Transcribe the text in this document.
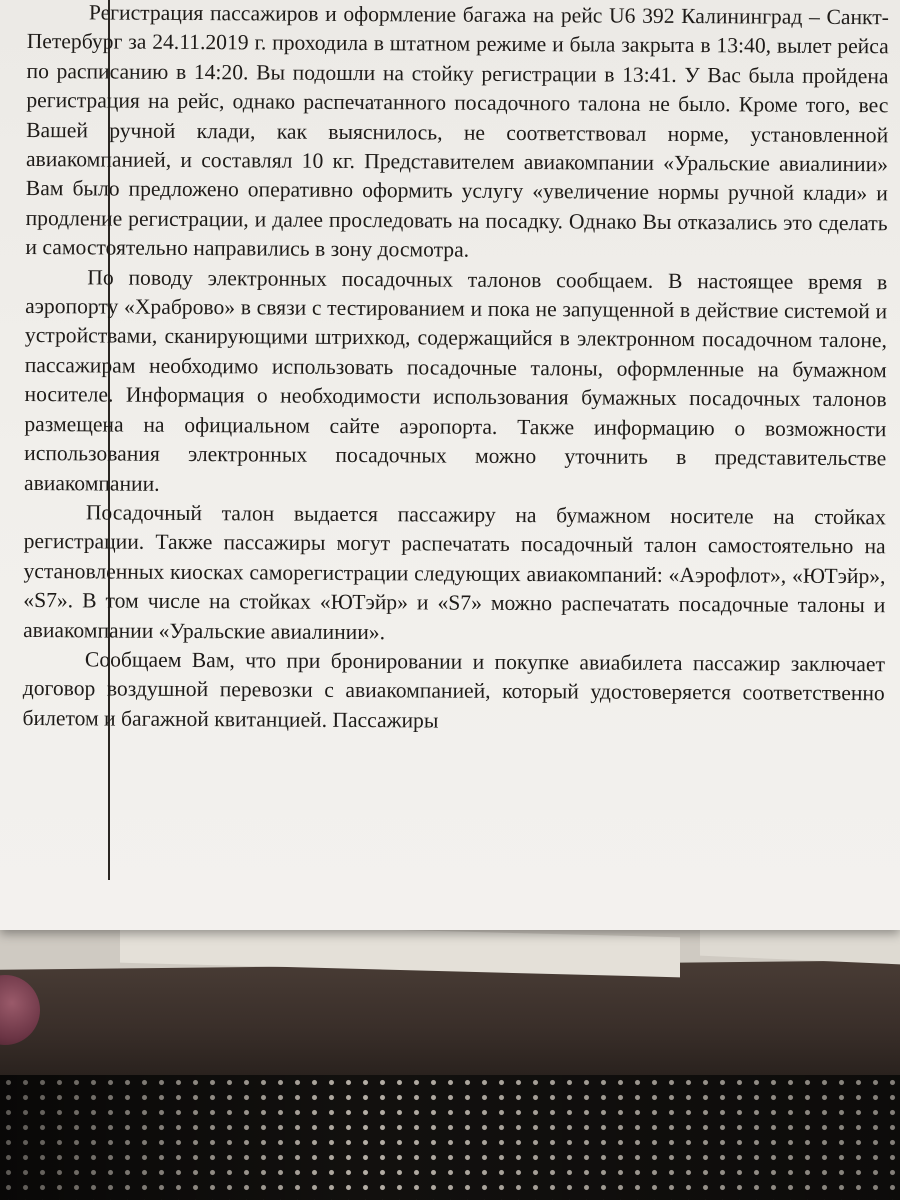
Регистрация пассажиров и оформление багажа на рейс U6 392 Калининград – Санкт-Петербург за 24.11.2019 г. проходила в штатном режиме и была закрыта в 13:40, вылет рейса по расписанию в 14:20. Вы подошли на стойку регистрации в 13:41. У Вас была пройдена регистрация на рейс, однако распечатанного посадочного талона не было. Кроме того, вес Вашей ручной клади, как выяснилось, не соответствовал норме, установленной авиакомпанией, и составлял 10 кг. Представителем авиакомпании «Уральские авиалинии» Вам было предложено оперативно оформить услугу «увеличение нормы ручной клади» и продление регистрации, и далее проследовать на посадку. Однако Вы отказались это сделать и самостоятельно направились в зону досмотра.

По поводу электронных посадочных талонов сообщаем. В настоящее время в аэропорту «Храброво» в связи с тестированием и пока не запущенной в действие системой и устройствами, сканирующими штрихкод, содержащийся в электронном посадочном талоне, пассажирам необходимо использовать посадочные талоны, оформленные на бумажном носителе. Информация о необходимости использования бумажных посадочных талонов размещена на официальном сайте аэропорта. Также информацию о возможности использования электронных посадочных можно уточнить в представительстве авиакомпании.

Посадочный талон выдается пассажиру на бумажном носителе на стойках регистрации. Также пассажиры могут распечатать посадочный талон самостоятельно на установленных киосках саморегистрации следующих авиакомпаний: «Аэрофлот», «ЮТэйр», «S7». В том числе на стойках «ЮТэйр» и «S7» можно распечатать посадочные талоны и авиакомпании «Уральские авиалинии».

Сообщаем Вам, что при бронировании и покупке авиабилета пассажир заключает договор воздушной перевозки с авиакомпанией, который удостоверяется соответственно билетом и багажной квитанцией. Пассажиры
